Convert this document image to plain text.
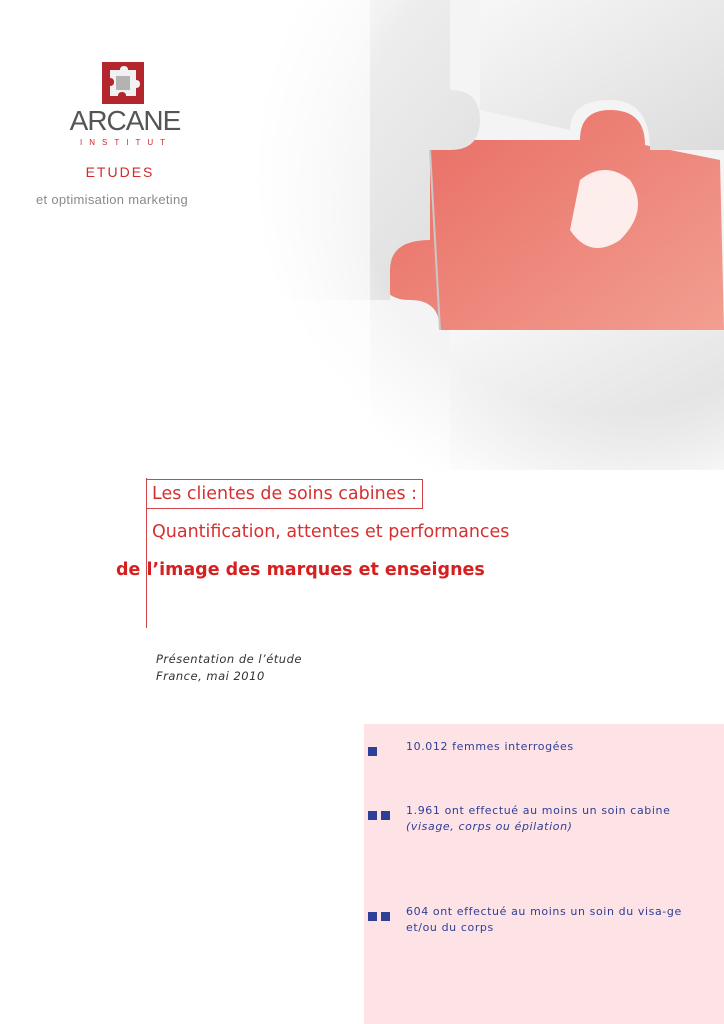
ARCANE
INSTITUT
ETUDES
et optimisation marketing
Les clientes de soins cabines :
Quantification, attentes et performances
de l’image des marques et enseignes
Présentation de l’étude
France, mai 2010
10.012 femmes interrogées
1.961 ont effectué au moins un soin cabine
(visage, corps ou épilation)
604 ont effectué au moins un soin du visa-ge et/ou du corps
